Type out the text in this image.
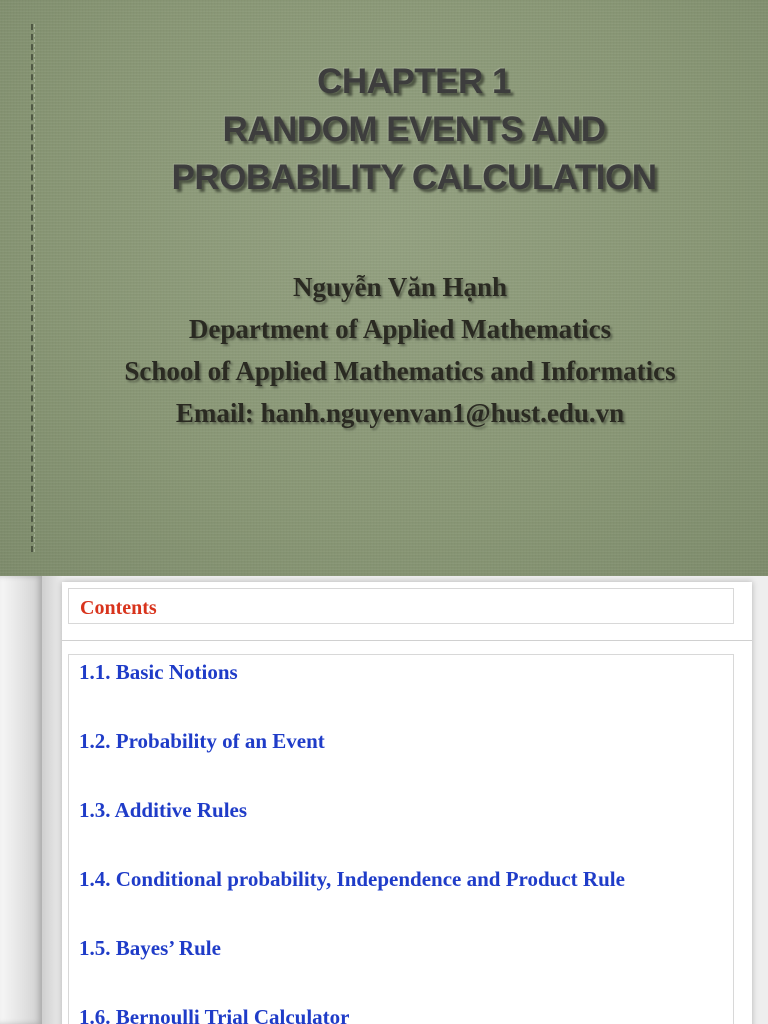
CHAPTER 1
RANDOM EVENTS AND
PROBABILITY CALCULATION
Nguyễn Văn Hạnh
Department of Applied Mathematics
School of Applied Mathematics and Informatics
Email: hanh.nguyenvan1@hust.edu.vn
Contents
1.1. Basic Notions
1.2. Probability of an Event
1.3. Additive Rules
1.4. Conditional probability, Independence and Product Rule
1.5. Bayes’ Rule
1.6. Bernoulli Trial Calculator
